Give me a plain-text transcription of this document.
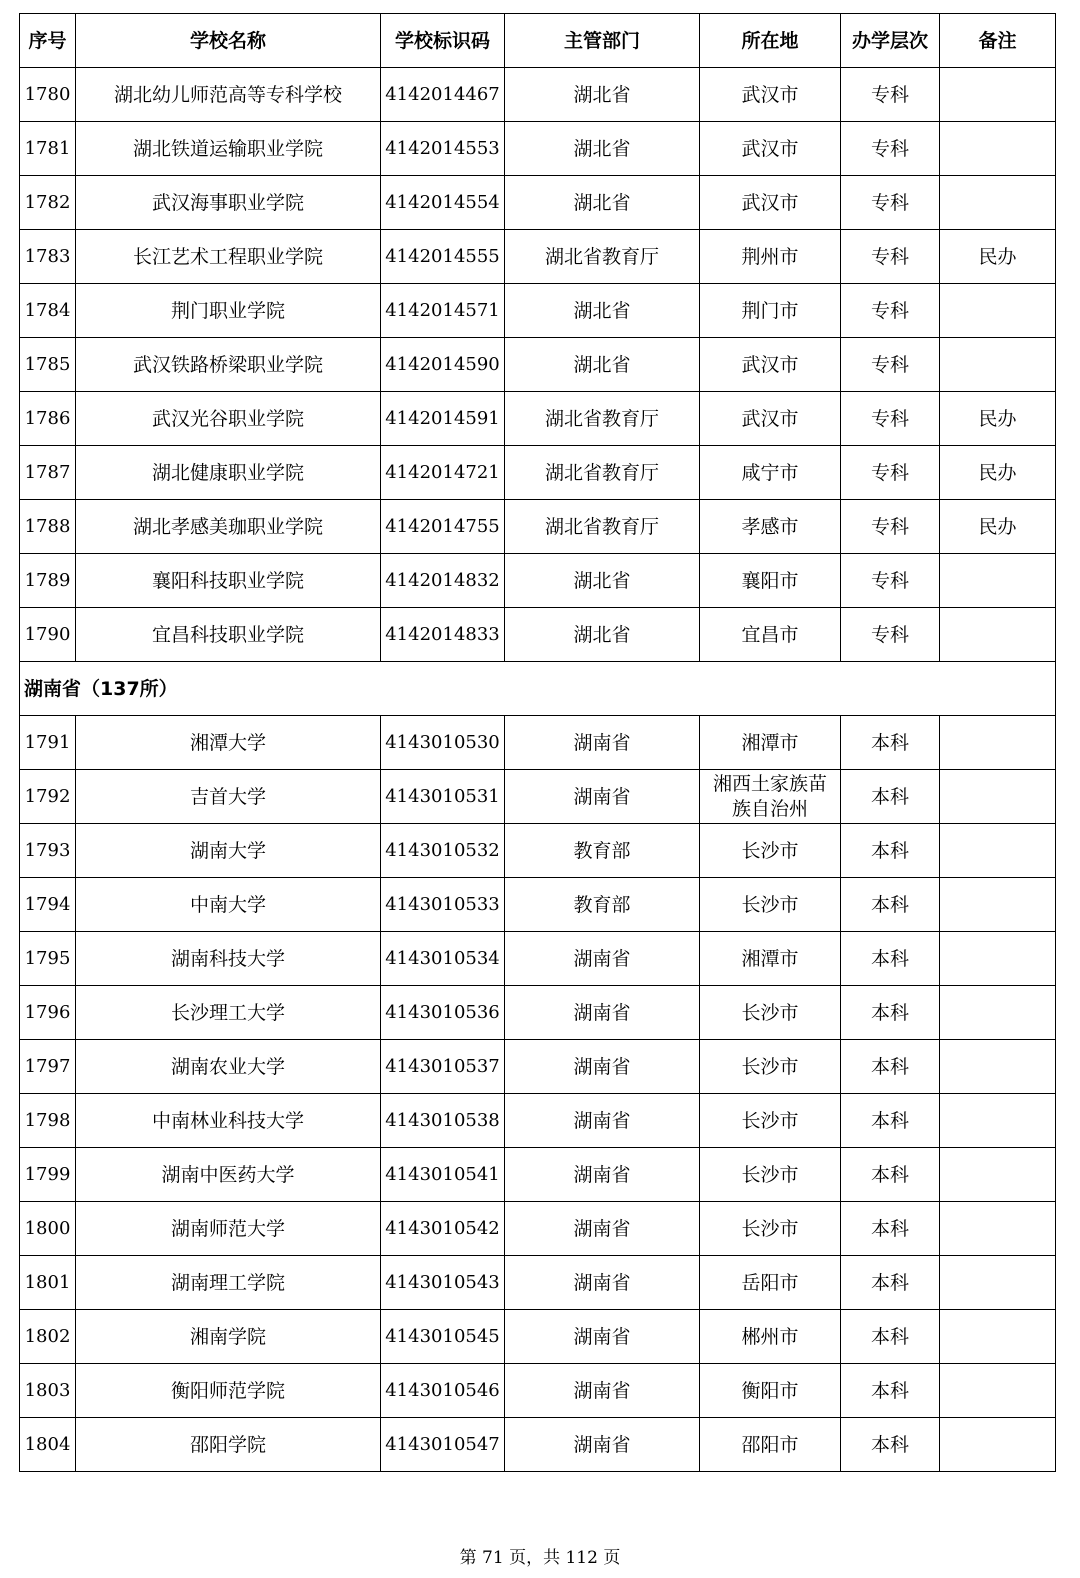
序号	学校名称	学校标识码	主管部门	所在地	办学层次	备注
1780	湖北幼儿师范高等专科学校	4142014467	湖北省	武汉市	专科	
1781	湖北铁道运输职业学院	4142014553	湖北省	武汉市	专科	
1782	武汉海事职业学院	4142014554	湖北省	武汉市	专科	
1783	长江艺术工程职业学院	4142014555	湖北省教育厅	荆州市	专科	民办
1784	荆门职业学院	4142014571	湖北省	荆门市	专科	
1785	武汉铁路桥梁职业学院	4142014590	湖北省	武汉市	专科	
1786	武汉光谷职业学院	4142014591	湖北省教育厅	武汉市	专科	民办
1787	湖北健康职业学院	4142014721	湖北省教育厅	咸宁市	专科	民办
1788	湖北孝感美珈职业学院	4142014755	湖北省教育厅	孝感市	专科	民办
1789	襄阳科技职业学院	4142014832	湖北省	襄阳市	专科	
1790	宜昌科技职业学院	4142014833	湖北省	宜昌市	专科	
湖南省（137所）						
1791	湘潭大学	4143010530	湖南省	湘潭市	本科	
1792	吉首大学	4143010531	湖南省	湘西土家族苗族自治州	本科	
1793	湖南大学	4143010532	教育部	长沙市	本科	
1794	中南大学	4143010533	教育部	长沙市	本科	
1795	湖南科技大学	4143010534	湖南省	湘潭市	本科	
1796	长沙理工大学	4143010536	湖南省	长沙市	本科	
1797	湖南农业大学	4143010537	湖南省	长沙市	本科	
1798	中南林业科技大学	4143010538	湖南省	长沙市	本科	
1799	湖南中医药大学	4143010541	湖南省	长沙市	本科	
1800	湖南师范大学	4143010542	湖南省	长沙市	本科	
1801	湖南理工学院	4143010543	湖南省	岳阳市	本科	
1802	湘南学院	4143010545	湖南省	郴州市	本科	
1803	衡阳师范学院	4143010546	湖南省	衡阳市	本科	
1804	邵阳学院	4143010547	湖南省	邵阳市	本科	
第 71 页，共 112 页
